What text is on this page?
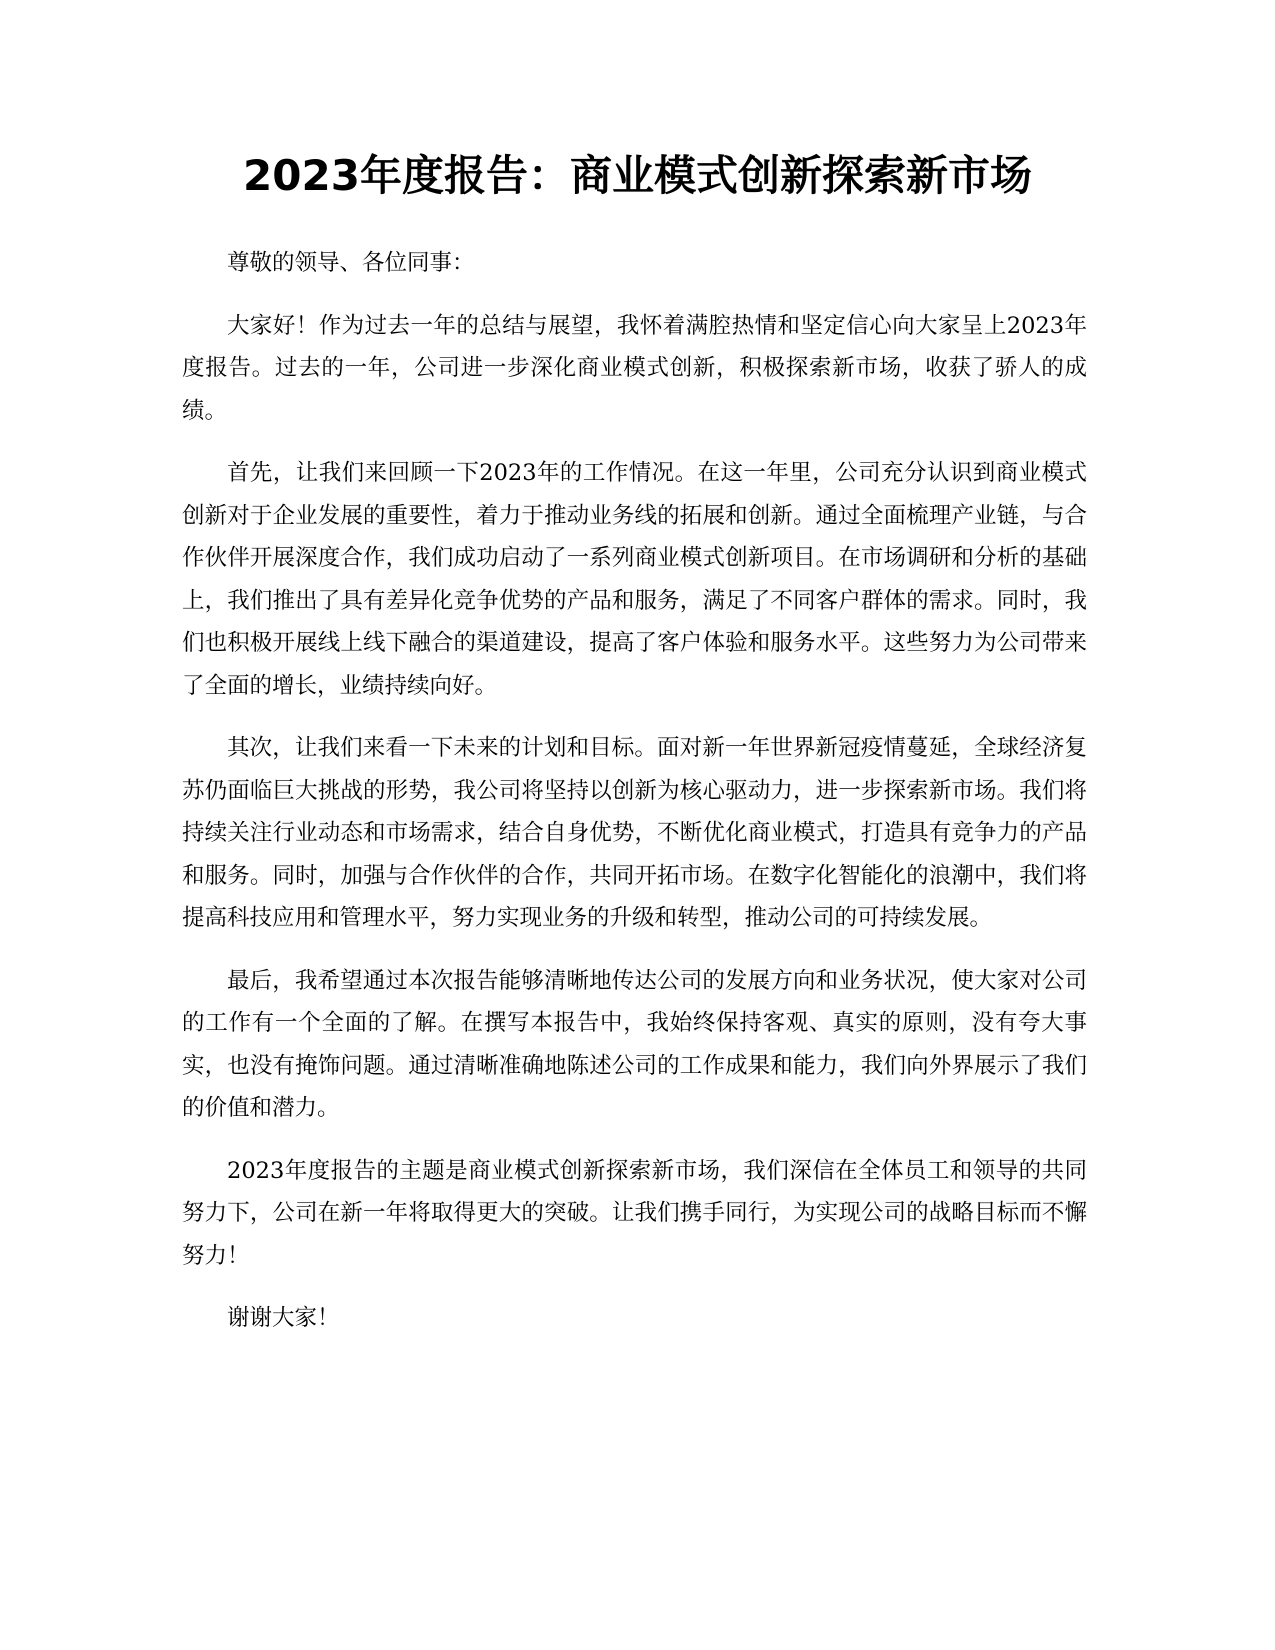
2023年度报告：商业模式创新探索新市场

尊敬的领导、各位同事：

大家好！作为过去一年的总结与展望，我怀着满腔热情和坚定信心向大家呈上2023年度报告。过去的一年，公司进一步深化商业模式创新，积极探索新市场，收获了骄人的成绩。

首先，让我们来回顾一下2023年的工作情况。在这一年里，公司充分认识到商业模式创新对于企业发展的重要性，着力于推动业务线的拓展和创新。通过全面梳理产业链，与合作伙伴开展深度合作，我们成功启动了一系列商业模式创新项目。在市场调研和分析的基础上，我们推出了具有差异化竞争优势的产品和服务，满足了不同客户群体的需求。同时，我们也积极开展线上线下融合的渠道建设，提高了客户体验和服务水平。这些努力为公司带来了全面的增长，业绩持续向好。

其次，让我们来看一下未来的计划和目标。面对新一年世界新冠疫情蔓延，全球经济复苏仍面临巨大挑战的形势，我公司将坚持以创新为核心驱动力，进一步探索新市场。我们将持续关注行业动态和市场需求，结合自身优势，不断优化商业模式，打造具有竞争力的产品和服务。同时，加强与合作伙伴的合作，共同开拓市场。在数字化智能化的浪潮中，我们将提高科技应用和管理水平，努力实现业务的升级和转型，推动公司的可持续发展。

最后，我希望通过本次报告能够清晰地传达公司的发展方向和业务状况，使大家对公司的工作有一个全面的了解。在撰写本报告中，我始终保持客观、真实的原则，没有夸大事实，也没有掩饰问题。通过清晰准确地陈述公司的工作成果和能力，我们向外界展示了我们的价值和潜力。

2023年度报告的主题是商业模式创新探索新市场，我们深信在全体员工和领导的共同努力下，公司在新一年将取得更大的突破。让我们携手同行，为实现公司的战略目标而不懈努力！

谢谢大家！
